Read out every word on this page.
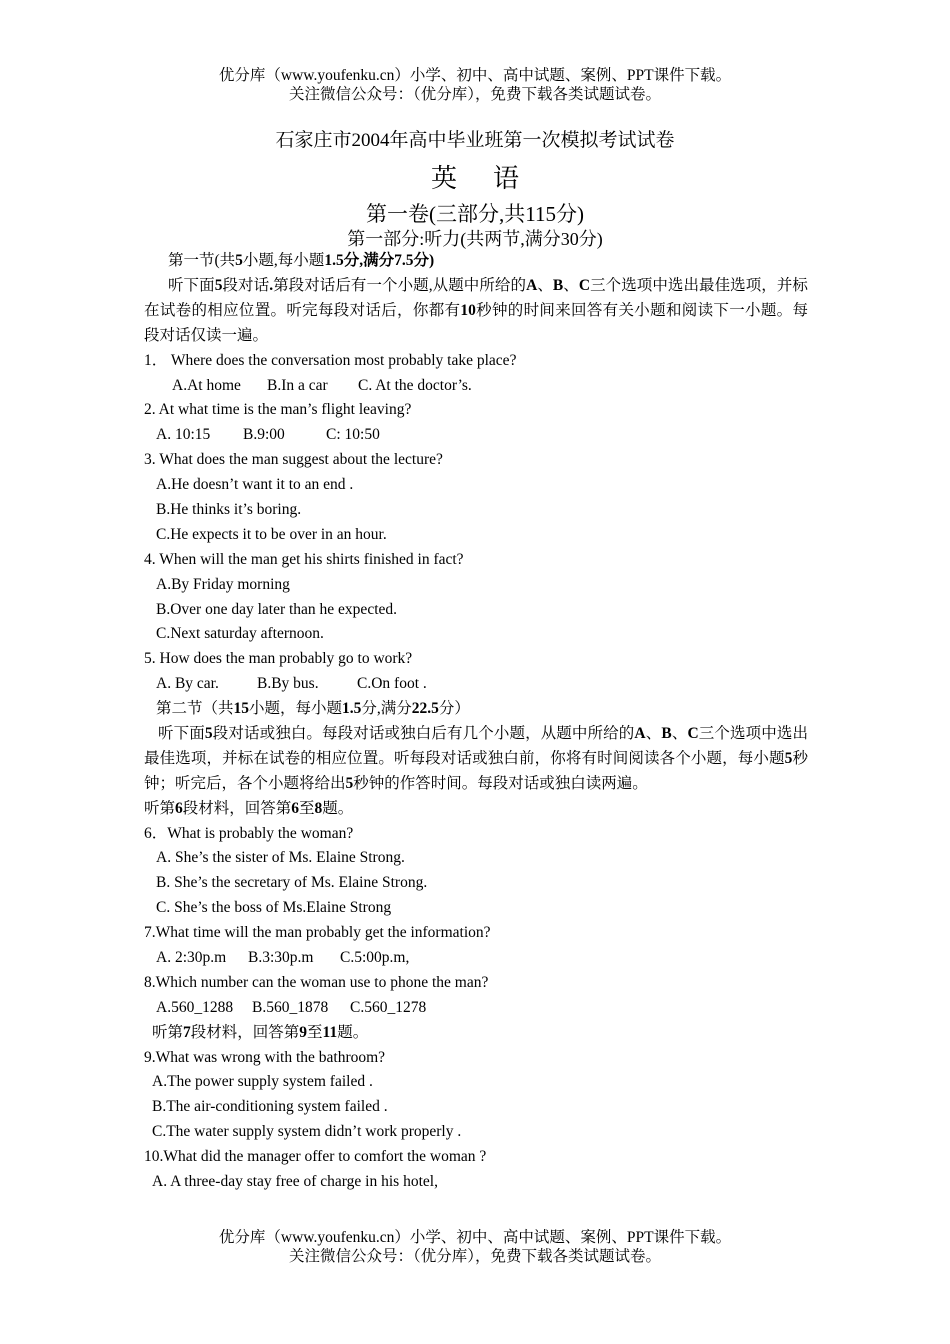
优分库（www.youfenku.cn）小学、初中、高中试题、案例、PPT课件下载。
关注微信公众号：（优分库），免费下载各类试题试卷。
石家庄市2004年高中毕业班第一次模拟考试试卷
英语
第一卷(三部分,共115分)
第一部分:听力(共两节,满分30分)
第一节(共5小题,每小题1.5分,满分7.5分)
听下面5段对话.第段对话后有一个小题,从题中所给的A、B、C三个选项中选出最佳选项，并标在试卷的相应位置。听完每段对话后，你都有10秒钟的时间来回答有关小题和阅读下一小题。每段对话仅读一遍。
1． Where does the conversation most probably take place?
A.At home B.In a car C. At the doctor’s.
2. At what time is the man’s flight leaving?
A. 10:15 B.9:00	C: 10:50
3. What does the man suggest about the lecture?
A.He doesn’t want it to an end .
B.He thinks it’s boring.
C.He expects it to be over in an hour.
4. When will the man get his shirts finished in fact?
A.By Friday morning
B.Over one day later than he expected.
C.Next saturday afternoon.
5. How does the man probably go to work?
A. By car. B.By bus. C.On foot .
第二节（共15小题，每小题1.5分,满分22.5分）
听下面5段对话或独白。每段对话或独白后有几个小题，从题中所给的A、B、C三个选项中选出最佳选项，并标在试卷的相应位置。听每段对话或独白前，你将有时间阅读各个小题，每小题5秒钟；听完后，各个小题将给出5秒钟的作答时间。每段对话或独白读两遍。
听第6段材料，回答第6至8题。
6．What is probably the woman?
A. She’s the sister of Ms. Elaine Strong.
B. She’s the secretary of Ms. Elaine Strong.
C. She’s the boss of Ms.Elaine Strong
7.What time will the man probably get the information?
A. 2:30p.m B.3:30p.m C.5:00p.m,
8.Which number can the woman use to phone the man?
A.560_1288 B.560_1878 C.560_1278
听第7段材料，回答第9至11题。
9.What was wrong with the bathroom?
A.The power supply system failed .
B.The air-conditioning system failed .
C.The water supply system didn’t work properly .
10.What did the manager offer to comfort the woman ?
A. A three-day stay free of charge in his hotel,
优分库（www.youfenku.cn）小学、初中、高中试题、案例、PPT课件下载。
关注微信公众号：（优分库），免费下载各类试题试卷。
